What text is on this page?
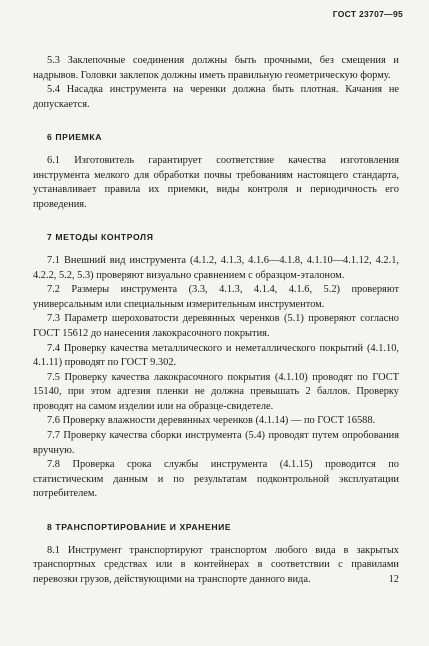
ГОСТ 23707—95

5.3 Заклепочные соединения должны быть прочными, без смещения и надрывов. Головки заклепок должны иметь правильную геометрическую форму.

5.4 Насадка инструмента на черенки должна быть плотная. Качания не допускается.

6 ПРИЕМКА

6.1 Изготовитель гарантирует соответствие качества изготовления инструмента мелкого для обработки почвы требованиям настоящего стандарта, устанавливает правила их приемки, виды контроля и периодичность его проведения.

7 МЕТОДЫ КОНТРОЛЯ

7.1 Внешний вид инструмента (4.1.2, 4.1.3, 4.1.6—4.1.8, 4.1.10—4.1.12, 4.2.1, 4.2.2, 5.2, 5.3) проверяют визуально сравнением с образцом-эталоном.

7.2 Размеры инструмента (3.3, 4.1.3, 4.1.4, 4.1.6, 5.2) проверяют универсальным или специальным измерительным инструментом.

7.3 Параметр шероховатости деревянных черенков (5.1) проверяют согласно ГОСТ 15612 до нанесения лакокрасочного покрытия.

7.4 Проверку качества металлического и неметаллического покрытий (4.1.10, 4.1.11) проводят по ГОСТ 9.302.

7.5 Проверку качества лакокрасочного покрытия (4.1.10) проводят по ГОСТ 15140, при этом адгезия пленки не должна превышать 2 баллов. Проверку проводят на самом изделии или на образце-свидетеле.

7.6 Проверку влажности деревянных черенков (4.1.14) — по ГОСТ 16588.

7.7 Проверку качества сборки инструмента (5.4) проводят путем опробования вручную.

7.8 Проверка срока службы инструмента (4.1.15) проводится по статистическим данным и по результатам подконтрольной эксплуатации потребителем.

8 ТРАНСПОРТИРОВАНИЕ И ХРАНЕНИЕ

8.1 Инструмент транспортируют транспортом любого вида в закрытых транспортных средствах или в контейнерах в соответствии с правилами перевозки грузов, действующими на транспорте данного вида.	12
